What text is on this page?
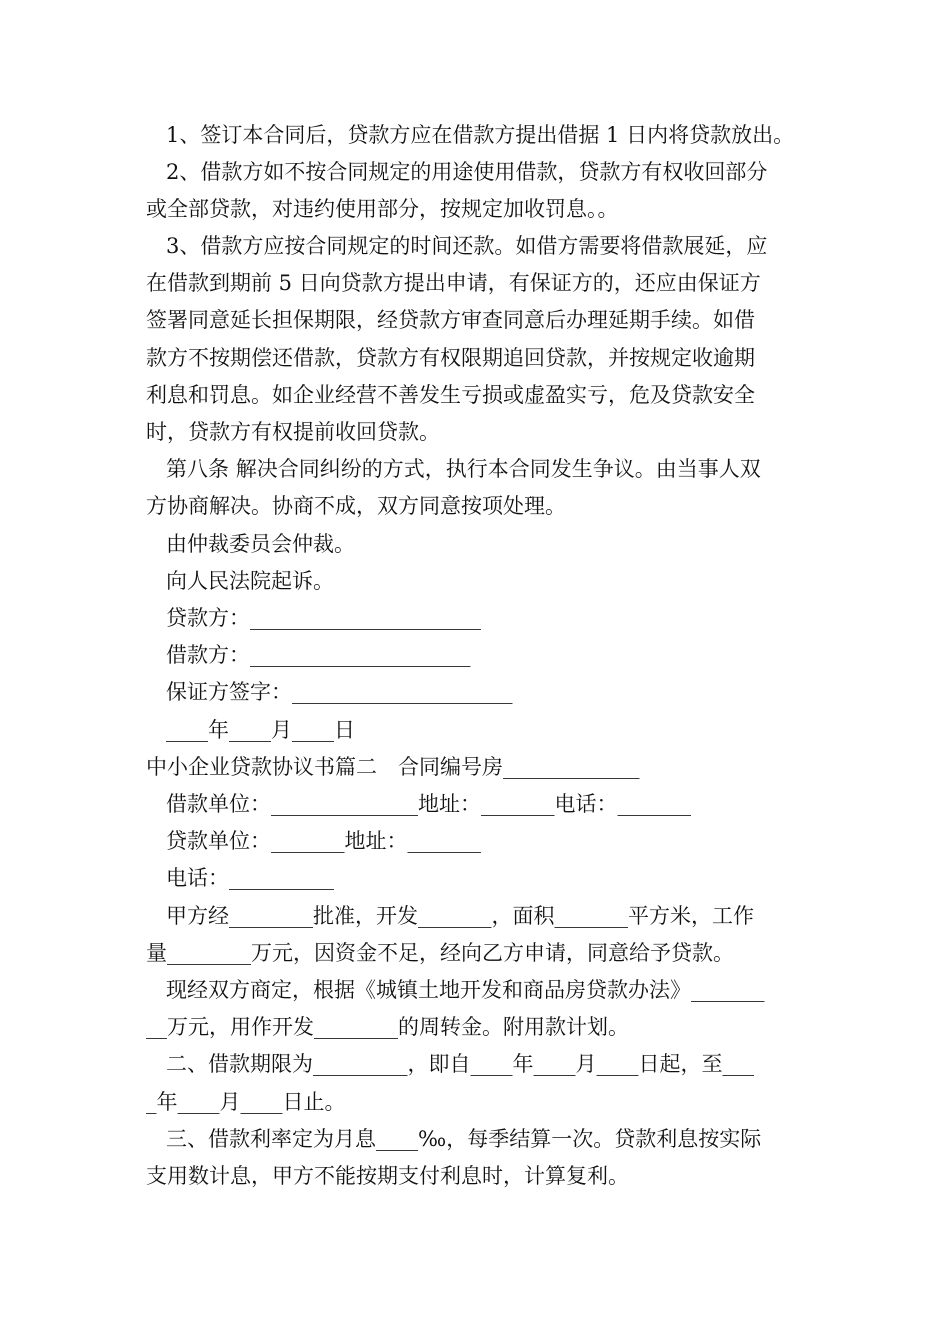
1、签订本合同后，贷款方应在借款方提出借据 1 日内将贷款放出。
2、借款方如不按合同规定的用途使用借款，贷款方有权收回部分
或全部贷款，对违约使用部分，按规定加收罚息。。
3、借款方应按合同规定的时间还款。如借方需要将借款展延，应
在借款到期前 5 日向贷款方提出申请，有保证方的，还应由保证方
签署同意延长担保期限，经贷款方审查同意后办理延期手续。如借
款方不按期偿还借款，贷款方有权限期追回贷款，并按规定收逾期
利息和罚息。如企业经营不善发生亏损或虚盈实亏，危及贷款安全
时，贷款方有权提前收回贷款。
第八条 解决合同纠纷的方式，执行本合同发生争议。由当事人双
方协商解决。协商不成，双方同意按项处理。
由仲裁委员会仲裁。
向人民法院起诉。
贷款方：______________________
借款方：_____________________
保证方签字：_____________________
____年____月____日
中小企业贷款协议书篇二　合同编号房_____________
借款单位：______________地址：_______电话：_______
贷款单位：_______地址：_______
电话：__________
甲方经________批准，开发_______，面积_______平方米，工作
量________万元，因资金不足，经向乙方申请，同意给予贷款。
现经双方商定，根据《城镇土地开发和商品房贷款办法》_______
__万元，用作开发________的周转金。附用款计划。
二、借款期限为_________，即自____年____月____日起，至___
_年____月____日止。
三、借款利率定为月息____‰，每季结算一次。贷款利息按实际
支用数计息，甲方不能按期支付利息时，计算复利。
